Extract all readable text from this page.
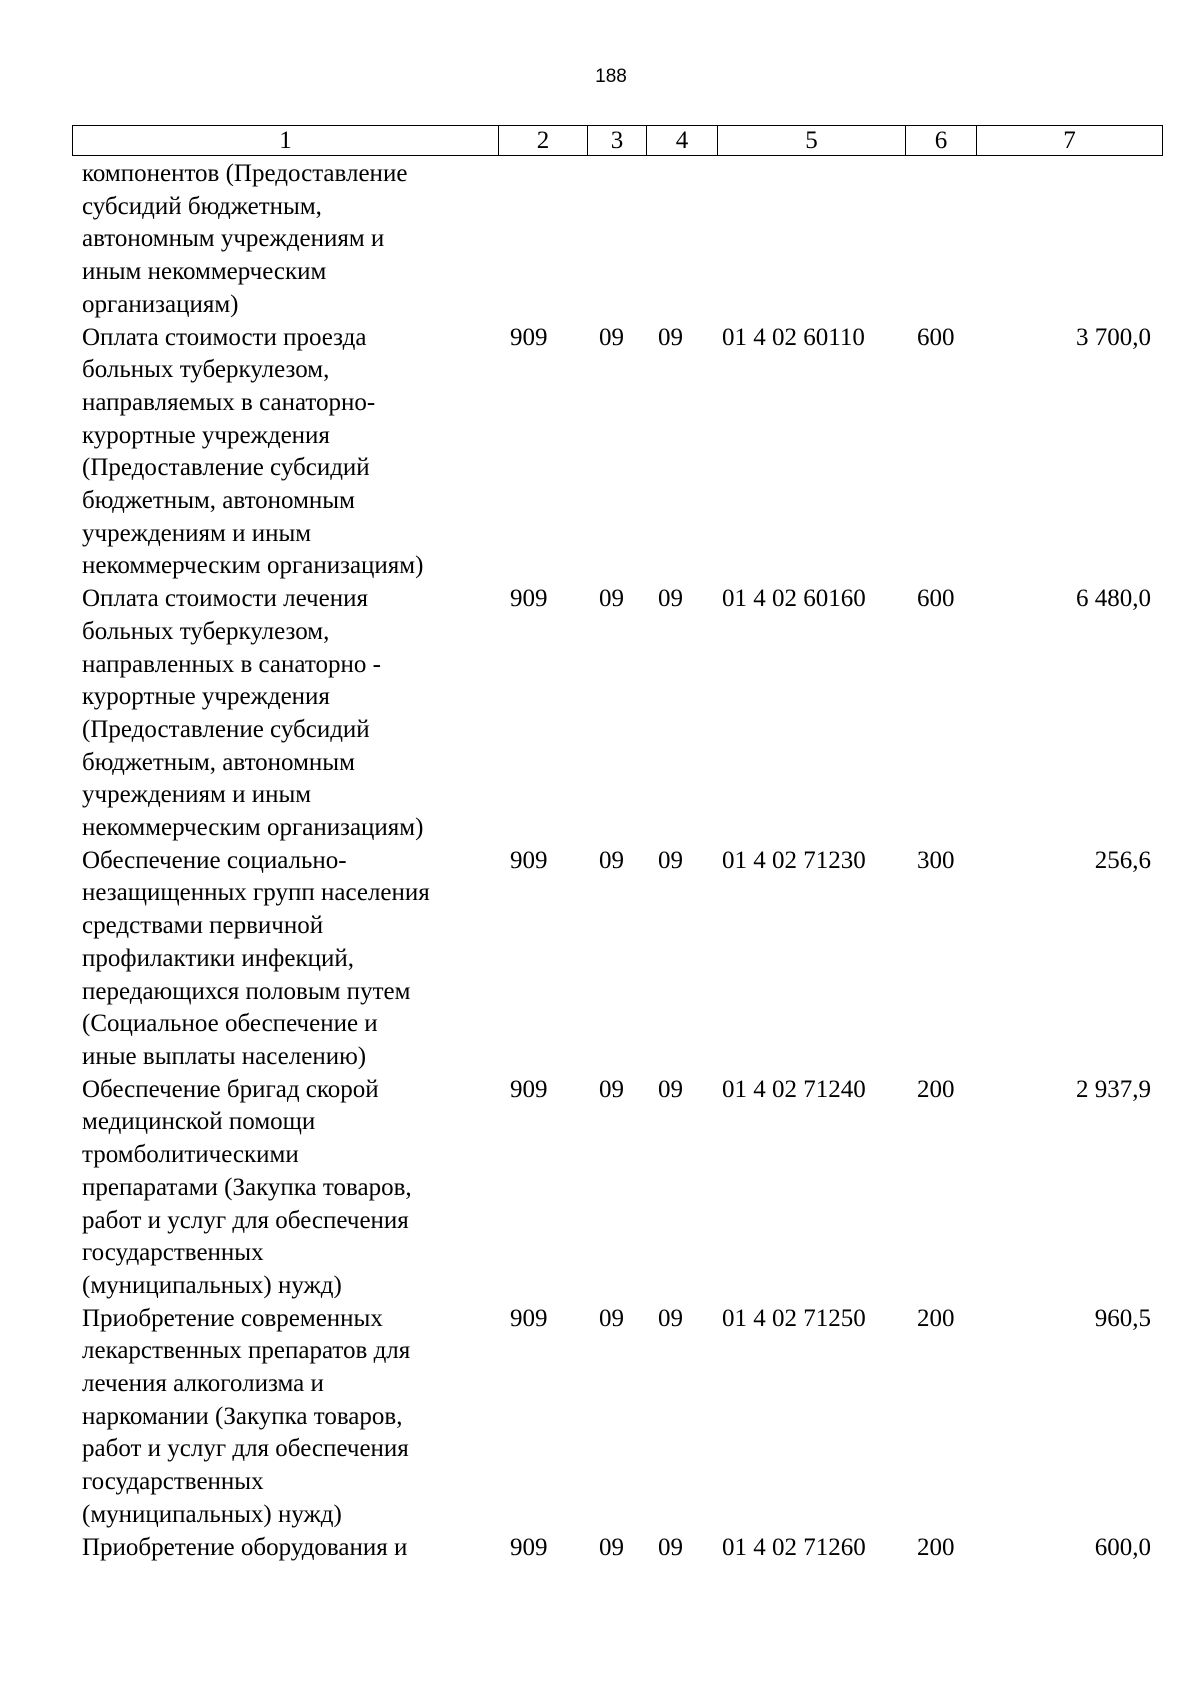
188
1	2	3	4	5	6	7
компонентов (Предоставление
субсидий бюджетным,
автономным учреждениям и
иным некоммерческим
организациям)
Оплата стоимости проезда
больных туберкулезом,
направляемых в санаторно-
курортные учреждения
(Предоставление субсидий
бюджетным, автономным
учреждениям и иным
некоммерческим организациям)
909	09	09	01 4 02 60110	600	3 700,0
Оплата стоимости лечения
больных туберкулезом,
направленных в санаторно -
курортные учреждения
(Предоставление субсидий
бюджетным, автономным
учреждениям и иным
некоммерческим организациям)
909	09	09	01 4 02 60160	600	6 480,0
Обеспечение социально-
незащищенных групп населения
средствами первичной
профилактики инфекций,
передающихся половым путем
(Социальное обеспечение и
иные выплаты населению)
909	09	09	01 4 02 71230	300	256,6
Обеспечение бригад скорой
медицинской помощи
тромболитическими
препаратами (Закупка товаров,
работ и услуг для обеспечения
государственных
(муниципальных) нужд)
909	09	09	01 4 02 71240	200	2 937,9
Приобретение современных
лекарственных препаратов для
лечения алкоголизма и
наркомании (Закупка товаров,
работ и услуг для обеспечения
государственных
(муниципальных) нужд)
909	09	09	01 4 02 71250	200	960,5
Приобретение оборудования и	909	09	09	01 4 02 71260	200	600,0
